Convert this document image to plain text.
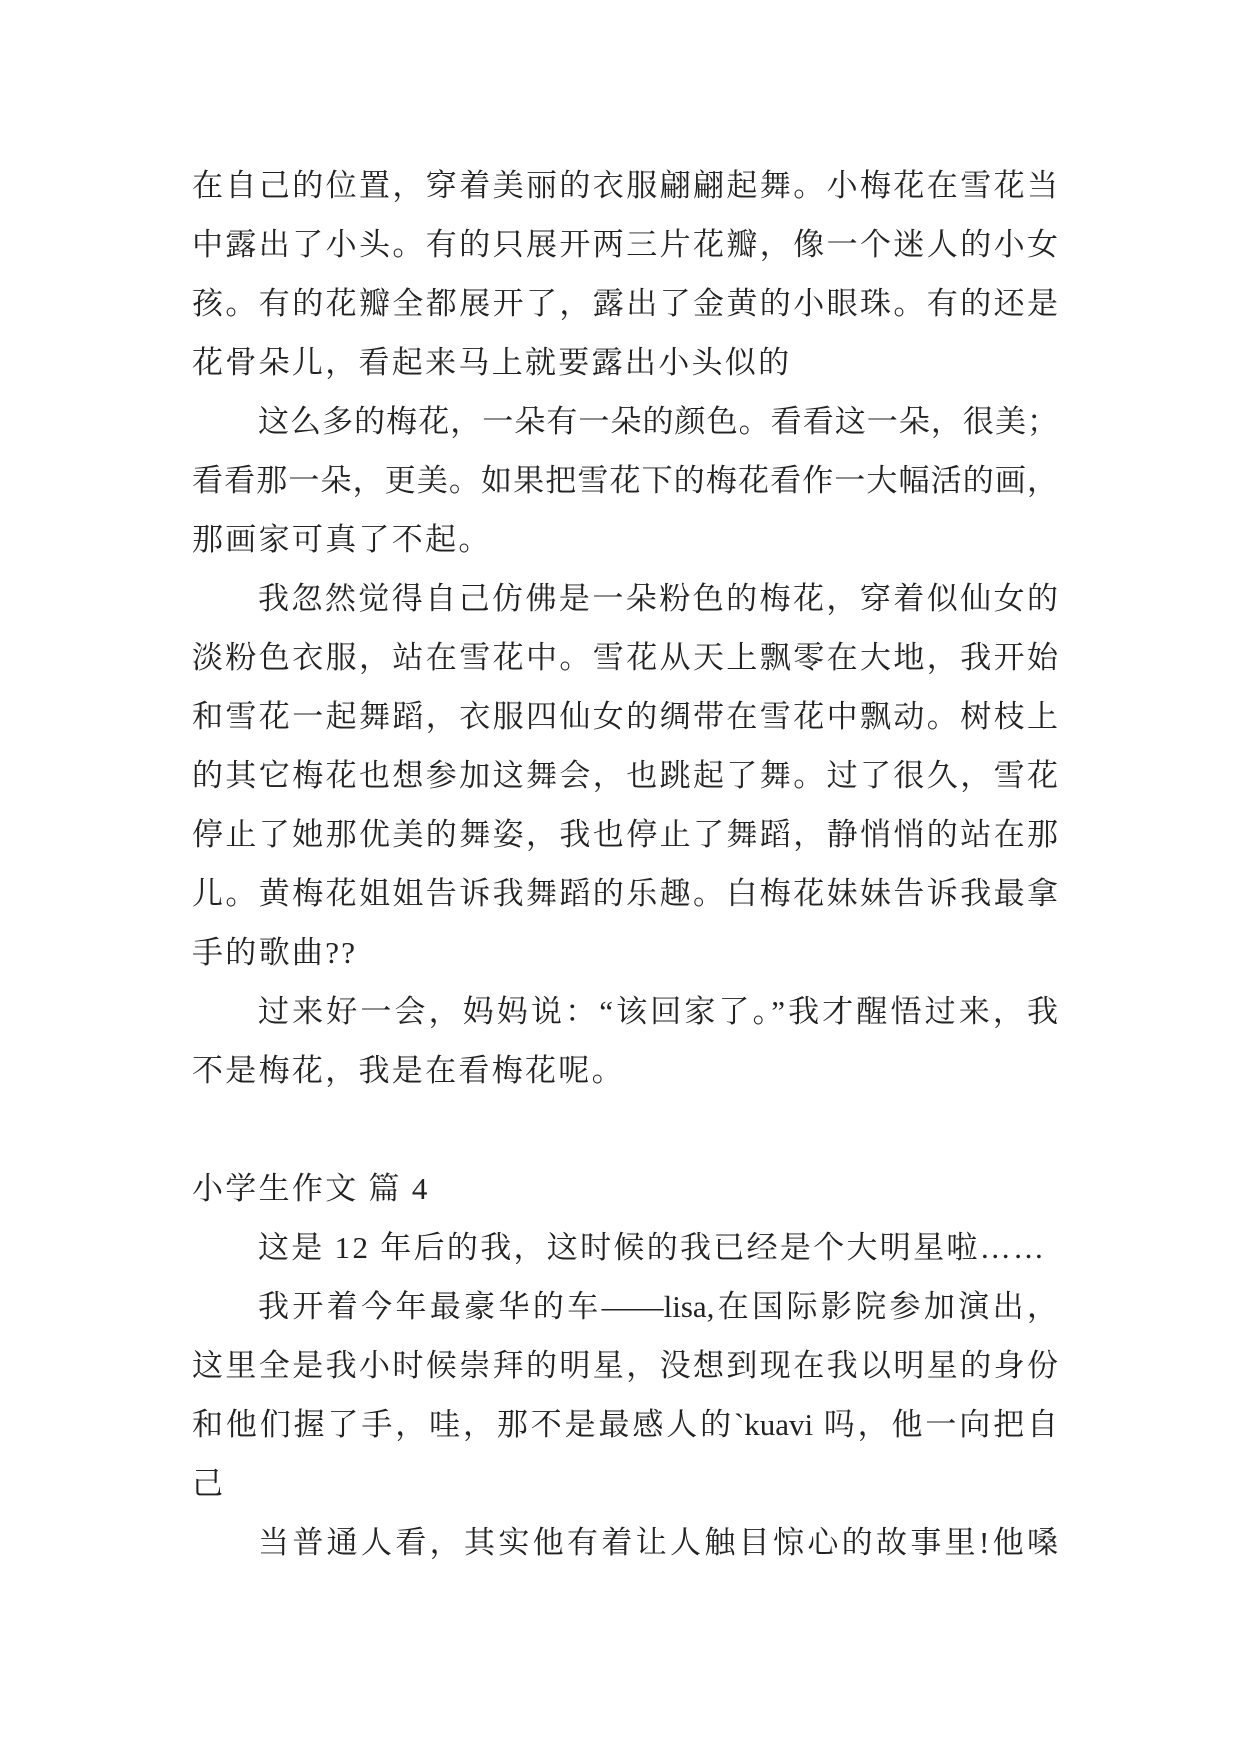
在自己的位置，穿着美丽的衣服翩翩起舞。小梅花在雪花当
中露出了小头。有的只展开两三片花瓣，像一个迷人的小女
孩。有的花瓣全都展开了，露出了金黄的小眼珠。有的还是
花骨朵儿，看起来马上就要露出小头似的
这么多的梅花，一朵有一朵的颜色。看看这一朵，很美；
看看那一朵，更美。如果把雪花下的梅花看作一大幅活的画，
那画家可真了不起。
我忽然觉得自己仿佛是一朵粉色的梅花，穿着似仙女的
淡粉色衣服，站在雪花中。雪花从天上飘零在大地，我开始
和雪花一起舞蹈，衣服四仙女的绸带在雪花中飘动。树枝上
的其它梅花也想参加这舞会，也跳起了舞。过了很久，雪花
停止了她那优美的舞姿，我也停止了舞蹈，静悄悄的站在那
儿。黄梅花姐姐告诉我舞蹈的乐趣。白梅花妹妹告诉我最拿
手的歌曲??
过来好一会，妈妈说：“该回家了。”我才醒悟过来，我
不是梅花，我是在看梅花呢。
小学生作文 篇 4
这是 12 年后的我，这时候的我已经是个大明星啦……
我开着今年最豪华的车——lisa,在国际影院参加演出，
这里全是我小时候崇拜的明星，没想到现在我以明星的身份
和他们握了手，哇，那不是最感人的`kuavi 吗，他一向把自
己
当普通人看，其实他有着让人触目惊心的故事里!他嗓
